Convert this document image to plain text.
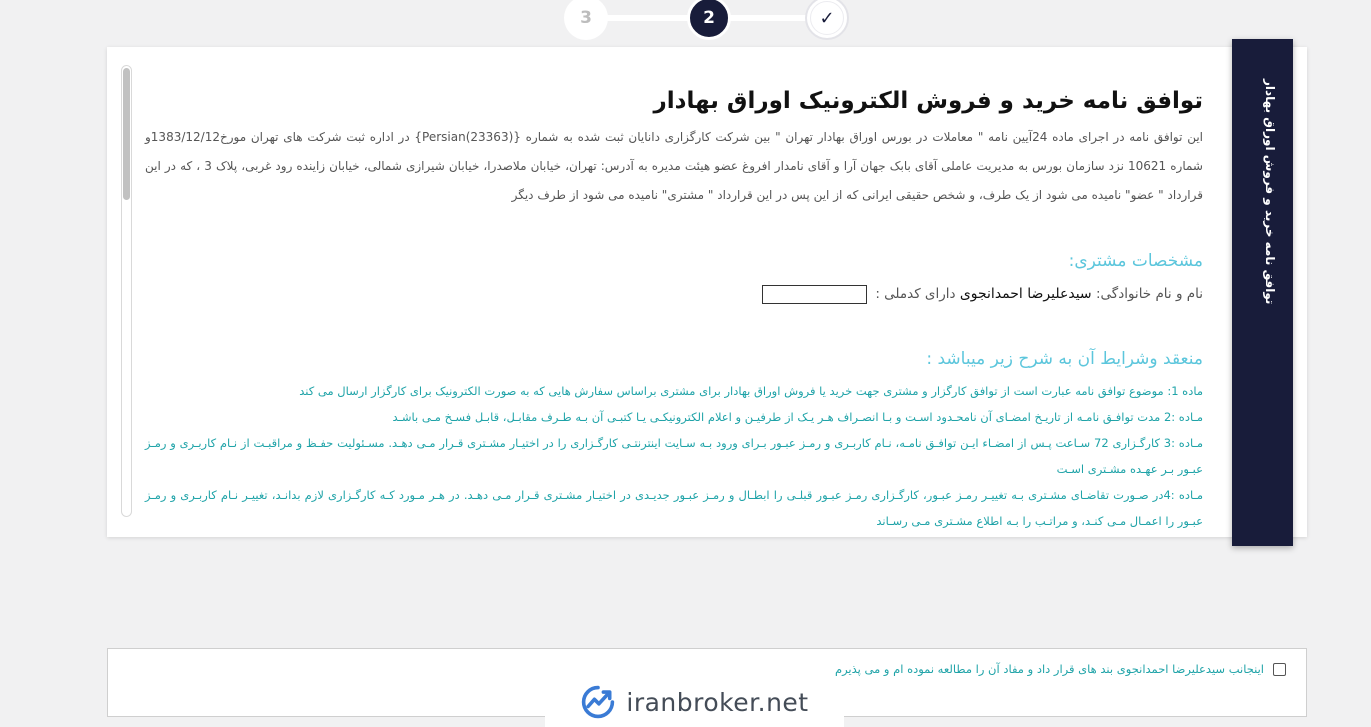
3	2	✓
توافق نامه خرید و فروش الکترونیک اوراق بهادار
این توافق نامه در اجرای ماده 24آیین نامه " معاملات در بورس اوراق بهادار تهران " بین شرکت کارگزاری دانایان ثبت شده به شماره {(Persian(23363} در اداره ثبت شرکت های تهران مورخ1383/12/12و شماره 10621 نزد سازمان بورس به مدیریت عاملی آقای بابک جهان آرا و آقای نامدار افروغ عضو هیئت مدیره به آدرس: تهران، خیابان ملاصدرا، خیابان شیرازی شمالی، خیابان زاینده رود غربی، پلاک 3 ، که در این قرارداد " عضو" نامیده می شود از یک طرف، و شخص حقیقی ایرانی که از این پس در این قرارداد " مشتری" نامیده می شود از طرف دیگر
مشخصات مشتری:
نام و نام خانوادگی: سیدعلیرضا احمدانجوی دارای کدملی :
منعقد وشرایط آن به شرح زیر میباشد :
ماده 1: موضوع توافق نامه عبارت است از توافق کارگزار و مشتری جهت خرید یا فروش اوراق بهادار برای مشتری براساس سفارش هایی که به صورت الکترونیک برای کارگزار ارسال می کند
مـاده :2 مدت توافـق نامـه از تاریـخ امضـای آن نامحـدود اسـت و بـا انصـراف هـر یـک از طرفیـن و اعلام الکترونیکـی یـا کتبـی آن بـه طـرف مقابـل، قابـل فسـخ مـی باشـد
مـاده :3 کارگـزاری 72 سـاعت پـس از امضـاء ایـن توافـق نامـه، نـام کاربـری و رمـز عبـور بـرای ورود بـه سـایت اینترنتـی کارگـزاری را در اختیـار مشـتری قـرار مـی دهـد. مسـئولیت حفـظ و مراقبـت از نـام کاربـری و رمـز عبـور بـر عهـده مشـتری اسـت
مـاده :4در صـورت تقاضـای مشـتری بـه تغییـر رمـز عبـور، کارگـزاری رمـز عبـور قبلـی را ابطـال و رمـز عبـور جدیـدی در اختیـار مشـتری قـرار مـی دهـد. در هـر مـورد کـه کارگـزاری لازم بدانـد، تغییـر نـام کاربـری و رمـز عبـور را اعمـال مـی کنـد، و مراتـب را بـه اطلاع مشـتری مـی رسـاند
توافق نامه خرید و فروش اوراق بهادار
اینجانب سیدعلیرضا احمدانجوی بند های قرار داد و مفاد آن را مطالعه نموده ام و می پذیرم
iranbroker.net
